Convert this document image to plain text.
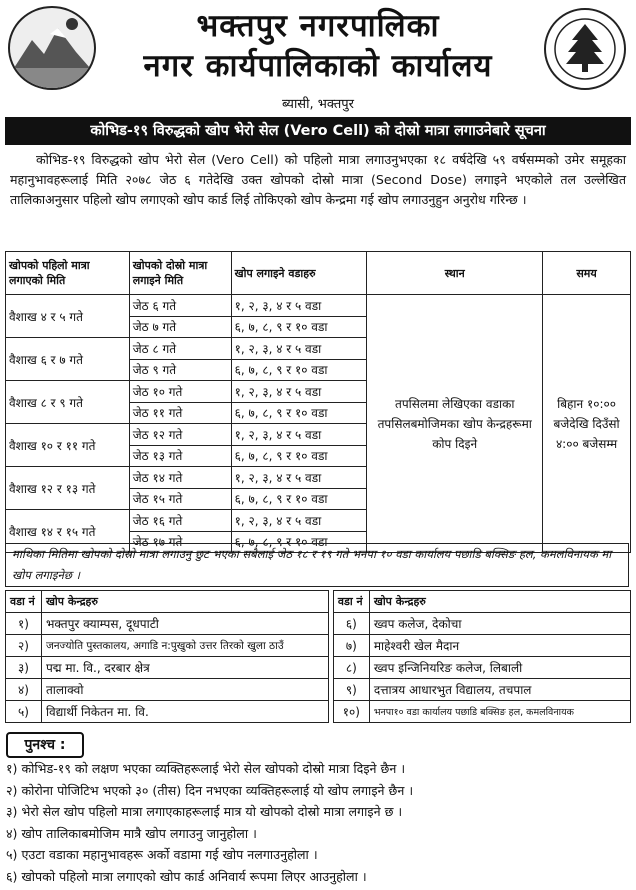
भक्तपुर नगरपालिका
नगर कार्यपालिकाको कार्यालय
ब्यासी, भक्तपुर
कोभिड-१९ विरुद्धको खोप भेरो सेल (Vero Cell) को दोस्रो मात्रा लगाउनेबारे सूचना
कोभिड-१९ विरुद्धको खोप भेरो सेल (Vero Cell) को पहिलो मात्रा लगाउनुभएका १८ वर्षदेखि ५९ वर्षसम्मको उमेर समूहका महानुभावहरूलाई मिति २०७८ जेठ ६ गतेदेखि उक्त खोपको दोस्रो मात्रा (Second Dose) लगाइने भएकोले तल उल्लेखित तालिकाअनुसार पहिलो खोप लगाएको खोप कार्ड लिई तोकिएको खोप केन्द्रमा गई खोप लगाउनुहुन अनुरोध गरिन्छ ।
खोपको पहिलो मात्रा लगाएको मिति	खोपको दोस्रो मात्रा लगाइने मिति	खोप लगाइने वडाहरु	स्थान	समय
वैशाख ४ र ५ गते	जेठ ६ गते	१, २, ३, ४ र ५ वडा	तपसिलमा लेखिएका वडाका तपसिलबमोजिमका खोप केन्द्रहरूमा कोप दिइने	बिहान १०:०० बजेदेखि दिउँसो ४:०० बजेसम्म
	जेठ ७ गते	६, ७, ८, ९ र १० वडा		
वैशाख ६ र ७ गते	जेठ ८ गते	१, २, ३, ४ र ५ वडा		
	जेठ ९ गते	६, ७, ८, ९ र १० वडा		
वैशाख ८ र ९ गते	जेठ १० गते	१, २, ३, ४ र ५ वडा		
	जेठ ११ गते	६, ७, ८, ९ र १० वडा		
वैशाख १० र ११ गते	जेठ १२ गते	१, २, ३, ४ र ५ वडा		
	जेठ १३ गते	६, ७, ८, ९ र १० वडा		
वैशाख १२ र १३ गते	जेठ १४ गते	१, २, ३, ४ र ५ वडा		
	जेठ १५ गते	६, ७, ८, ९ र १० वडा		
वैशाख १४ र १५ गते	जेठ १६ गते	१, २, ३, ४ र ५ वडा		
	जेठ १७ गते	६, ७, ८, ९ र १० वडा		
माथिका मितिमा खोपको दोस्रो मात्रा लगाउनु छुट भएका सबैलाई जेठ १८ र १९ गते भनपा १० वडा कार्यालय पछाडि बक्सिङ हल, कमलविनायक मा खोप लगाइनेछ ।
वडा नं	खोप केन्द्रहरु		वडा नं	खोप केन्द्रहरु
१)	भक्तपुर क्याम्पस, दूधपाटी		६)	ख्वप कलेज, देकोचा
२)	जनज्योति पुस्तकालय, अगाडि न:पुखुको उत्तर तिरको खुला ठाउँ		७)	माहेश्वरी खेल मैदान
३)	पद्म मा. वि., दरबार क्षेत्र		८)	ख्वप इन्जिनियरिङ कलेज, लिबाली
४)	तालाक्वो		९)	दत्तात्रय आधारभुत विद्यालय, तचपाल
५)	विद्यार्थी निकेतन मा. वि.		१०)	भनपा१० वडा कार्यालय पछाडि बक्सिङ हल, कमलविनायक
पुनश्च :
१) कोभिड-१९ को लक्षण भएका व्यक्तिहरूलाई भेरो सेल खोपको दोस्रो मात्रा दिइने छैन ।
२) कोरोना पोजिटिभ भएको ३० (तीस) दिन नभएका व्यक्तिहरूलाई यो खोप लगाइने छैन ।
३) भेरो सेल खोप पहिलो मात्रा लगाएकाहरूलाई मात्र यो खोपको दोस्रो मात्रा लगाइने छ ।
४) खोप तालिकाबमोजिम मात्रै खोप लगाउनु जानुहोला ।
५) एउटा वडाका महानुभावहरू अर्को वडामा गई खोप नलगाउनुहोला ।
६) खोपको पहिलो मात्रा लगाएको खोप कार्ड अनिवार्य रूपमा लिएर आउनुहोला ।
